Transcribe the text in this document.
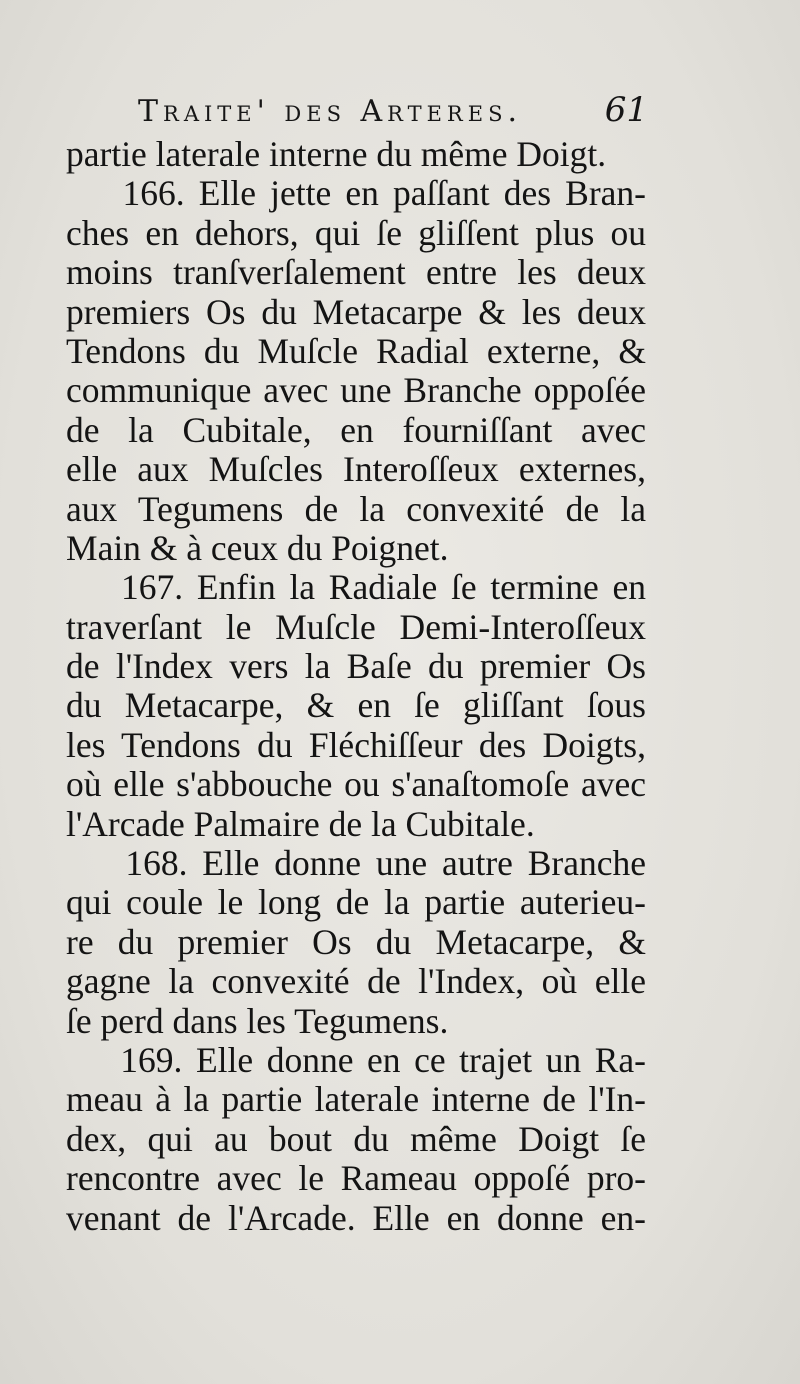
Traite' des Arteres. 61
partie laterale interne du même Doigt.
166. Elle jette en paſſant des Bran-
ches en dehors, qui ſe gliſſent plus ou
moins tranſverſalement entre les deux
premiers Os du Metacarpe & les deux
Tendons du Muſcle Radial externe, &
communique avec une Branche oppoſée
de la Cubitale, en fourniſſant avec
elle aux Muſcles Interoſſeux externes,
aux Tegumens de la convexité de la
Main & à ceux du Poignet.
167. Enfin la Radiale ſe termine en
traverſant le Muſcle Demi-Interoſſeux
de l'Index vers la Baſe du premier Os
du Metacarpe, & en ſe gliſſant ſous
les Tendons du Fléchiſſeur des Doigts,
où elle s'abbouche ou s'anaſtomoſe avec
l'Arcade Palmaire de la Cubitale.
168. Elle donne une autre Branche
qui coule le long de la partie auterieu-
re du premier Os du Metacarpe, &
gagne la convexité de l'Index, où elle
ſe perd dans les Tegumens.
169. Elle donne en ce trajet un Ra-
meau à la partie laterale interne de l'In-
dex, qui au bout du même Doigt ſe
rencontre avec le Rameau oppoſé pro-
venant de l'Arcade. Elle en donne en-
